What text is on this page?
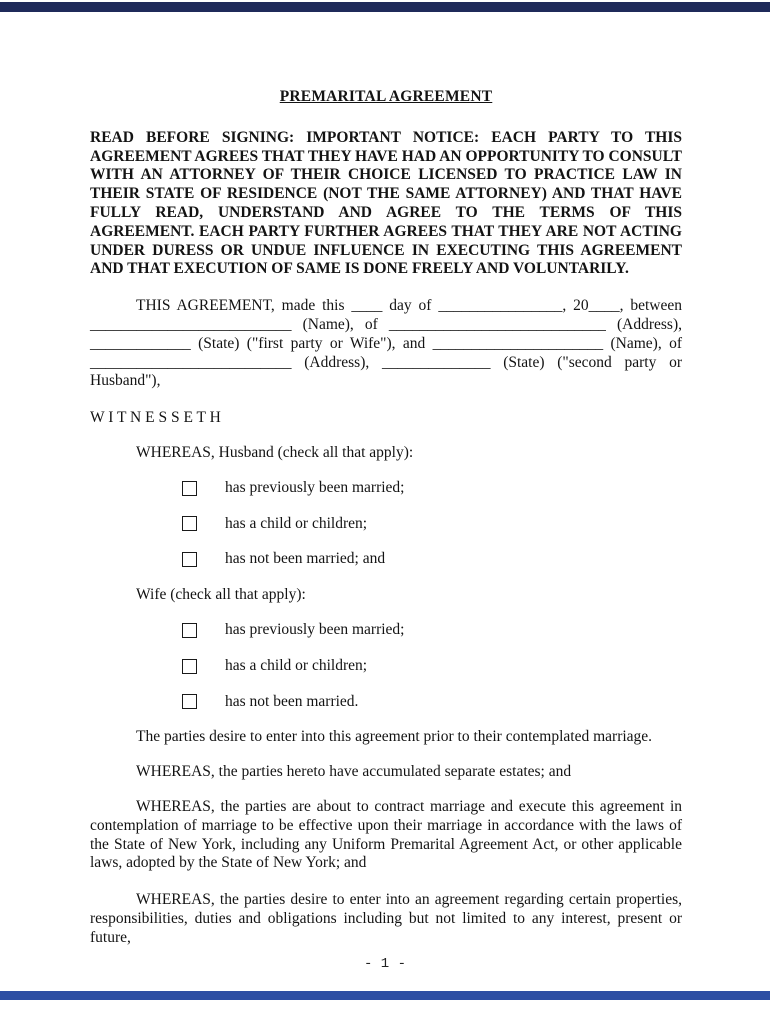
PREMARITAL AGREEMENT
READ BEFORE SIGNING: IMPORTANT NOTICE: EACH PARTY TO THIS AGREEMENT AGREES THAT THEY HAVE HAD AN OPPORTUNITY TO CONSULT WITH AN ATTORNEY OF THEIR CHOICE LICENSED TO PRACTICE LAW IN THEIR STATE OF RESIDENCE (NOT THE SAME ATTORNEY) AND THAT HAVE FULLY READ, UNDERSTAND AND AGREE TO THE TERMS OF THIS AGREEMENT. EACH PARTY FURTHER AGREES THAT THEY ARE NOT ACTING UNDER DURESS OR UNDUE INFLUENCE IN EXECUTING THIS AGREEMENT AND THAT EXECUTION OF SAME IS DONE FREELY AND VOLUNTARILY.
THIS AGREEMENT, made this ____ day of ________________, 20____, between __________________________ (Name), of ____________________________ (Address), _____________ (State) ("first party or Wife"), and ______________________ (Name), of __________________________ (Address), ______________ (State) ("second party or Husband"),
W I T N E S S E T H
WHEREAS, Husband (check all that apply):
has previously been married;
has a child or children;
has not been married; and
Wife (check all that apply):
has previously been married;
has a child or children;
has not been married.
The parties desire to enter into this agreement prior to their contemplated marriage.
WHEREAS, the parties hereto have accumulated separate estates; and
WHEREAS, the parties are about to contract marriage and execute this agreement in contemplation of marriage to be effective upon their marriage in accordance with the laws of the State of New York, including any Uniform Premarital Agreement Act, or other applicable laws, adopted by the State of New York; and
WHEREAS, the parties desire to enter into an agreement regarding certain properties, responsibilities, duties and obligations including but not limited to any interest, present or future,
- 1 -
